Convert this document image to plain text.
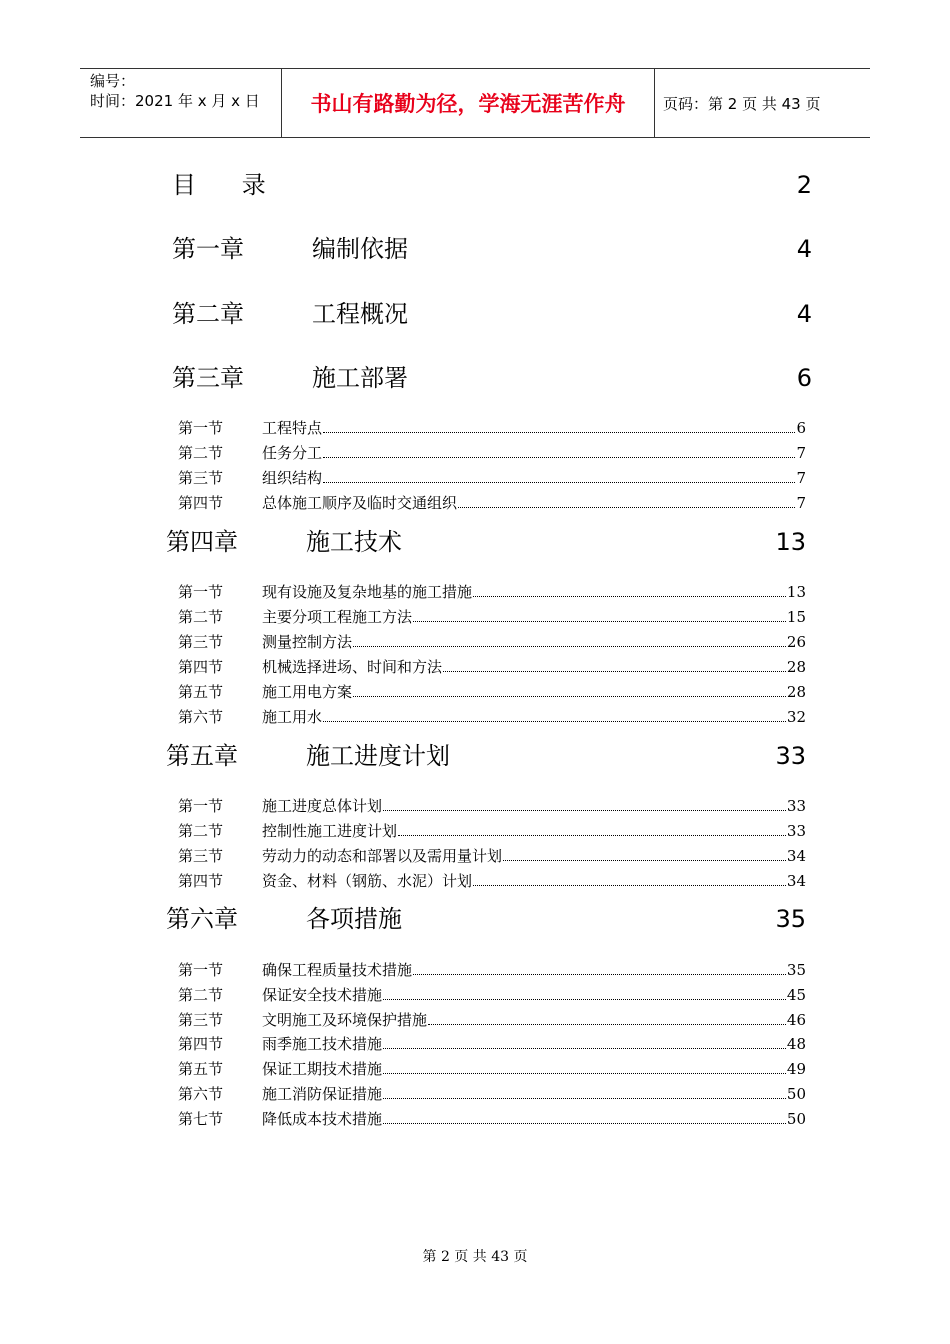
编号：
时间：2021 年 x 月 x 日	书山有路勤为径，学海无涯苦作舟	页码：第 2 页 共 43 页
目      录	2
第一章	编制依据	4
第二章	工程概况	4
第三章	施工部署	6
第一节	工程特点	6
第二节	任务分工	7
第三节	组织结构	7
第四节	总体施工顺序及临时交通组织	7
第四章	施工技术	13
第一节	现有设施及复杂地基的施工措施	13
第二节	主要分项工程施工方法	15
第三节	测量控制方法	26
第四节	机械选择进场、时间和方法	28
第五节	施工用电方案	28
第六节	施工用水	32
第五章	施工进度计划	33
第一节	施工进度总体计划	33
第二节	控制性施工进度计划	33
第三节	劳动力的动态和部署以及需用量计划	34
第四节	资金、材料（钢筋、水泥）计划	34
第六章	各项措施	35
第一节	确保工程质量技术措施	35
第二节	保证安全技术措施	45
第三节	文明施工及环境保护措施	46
第四节	雨季施工技术措施	48
第五节	保证工期技术措施	49
第六节	施工消防保证措施	50
第七节	降低成本技术措施	50
第 2 页 共 43 页
